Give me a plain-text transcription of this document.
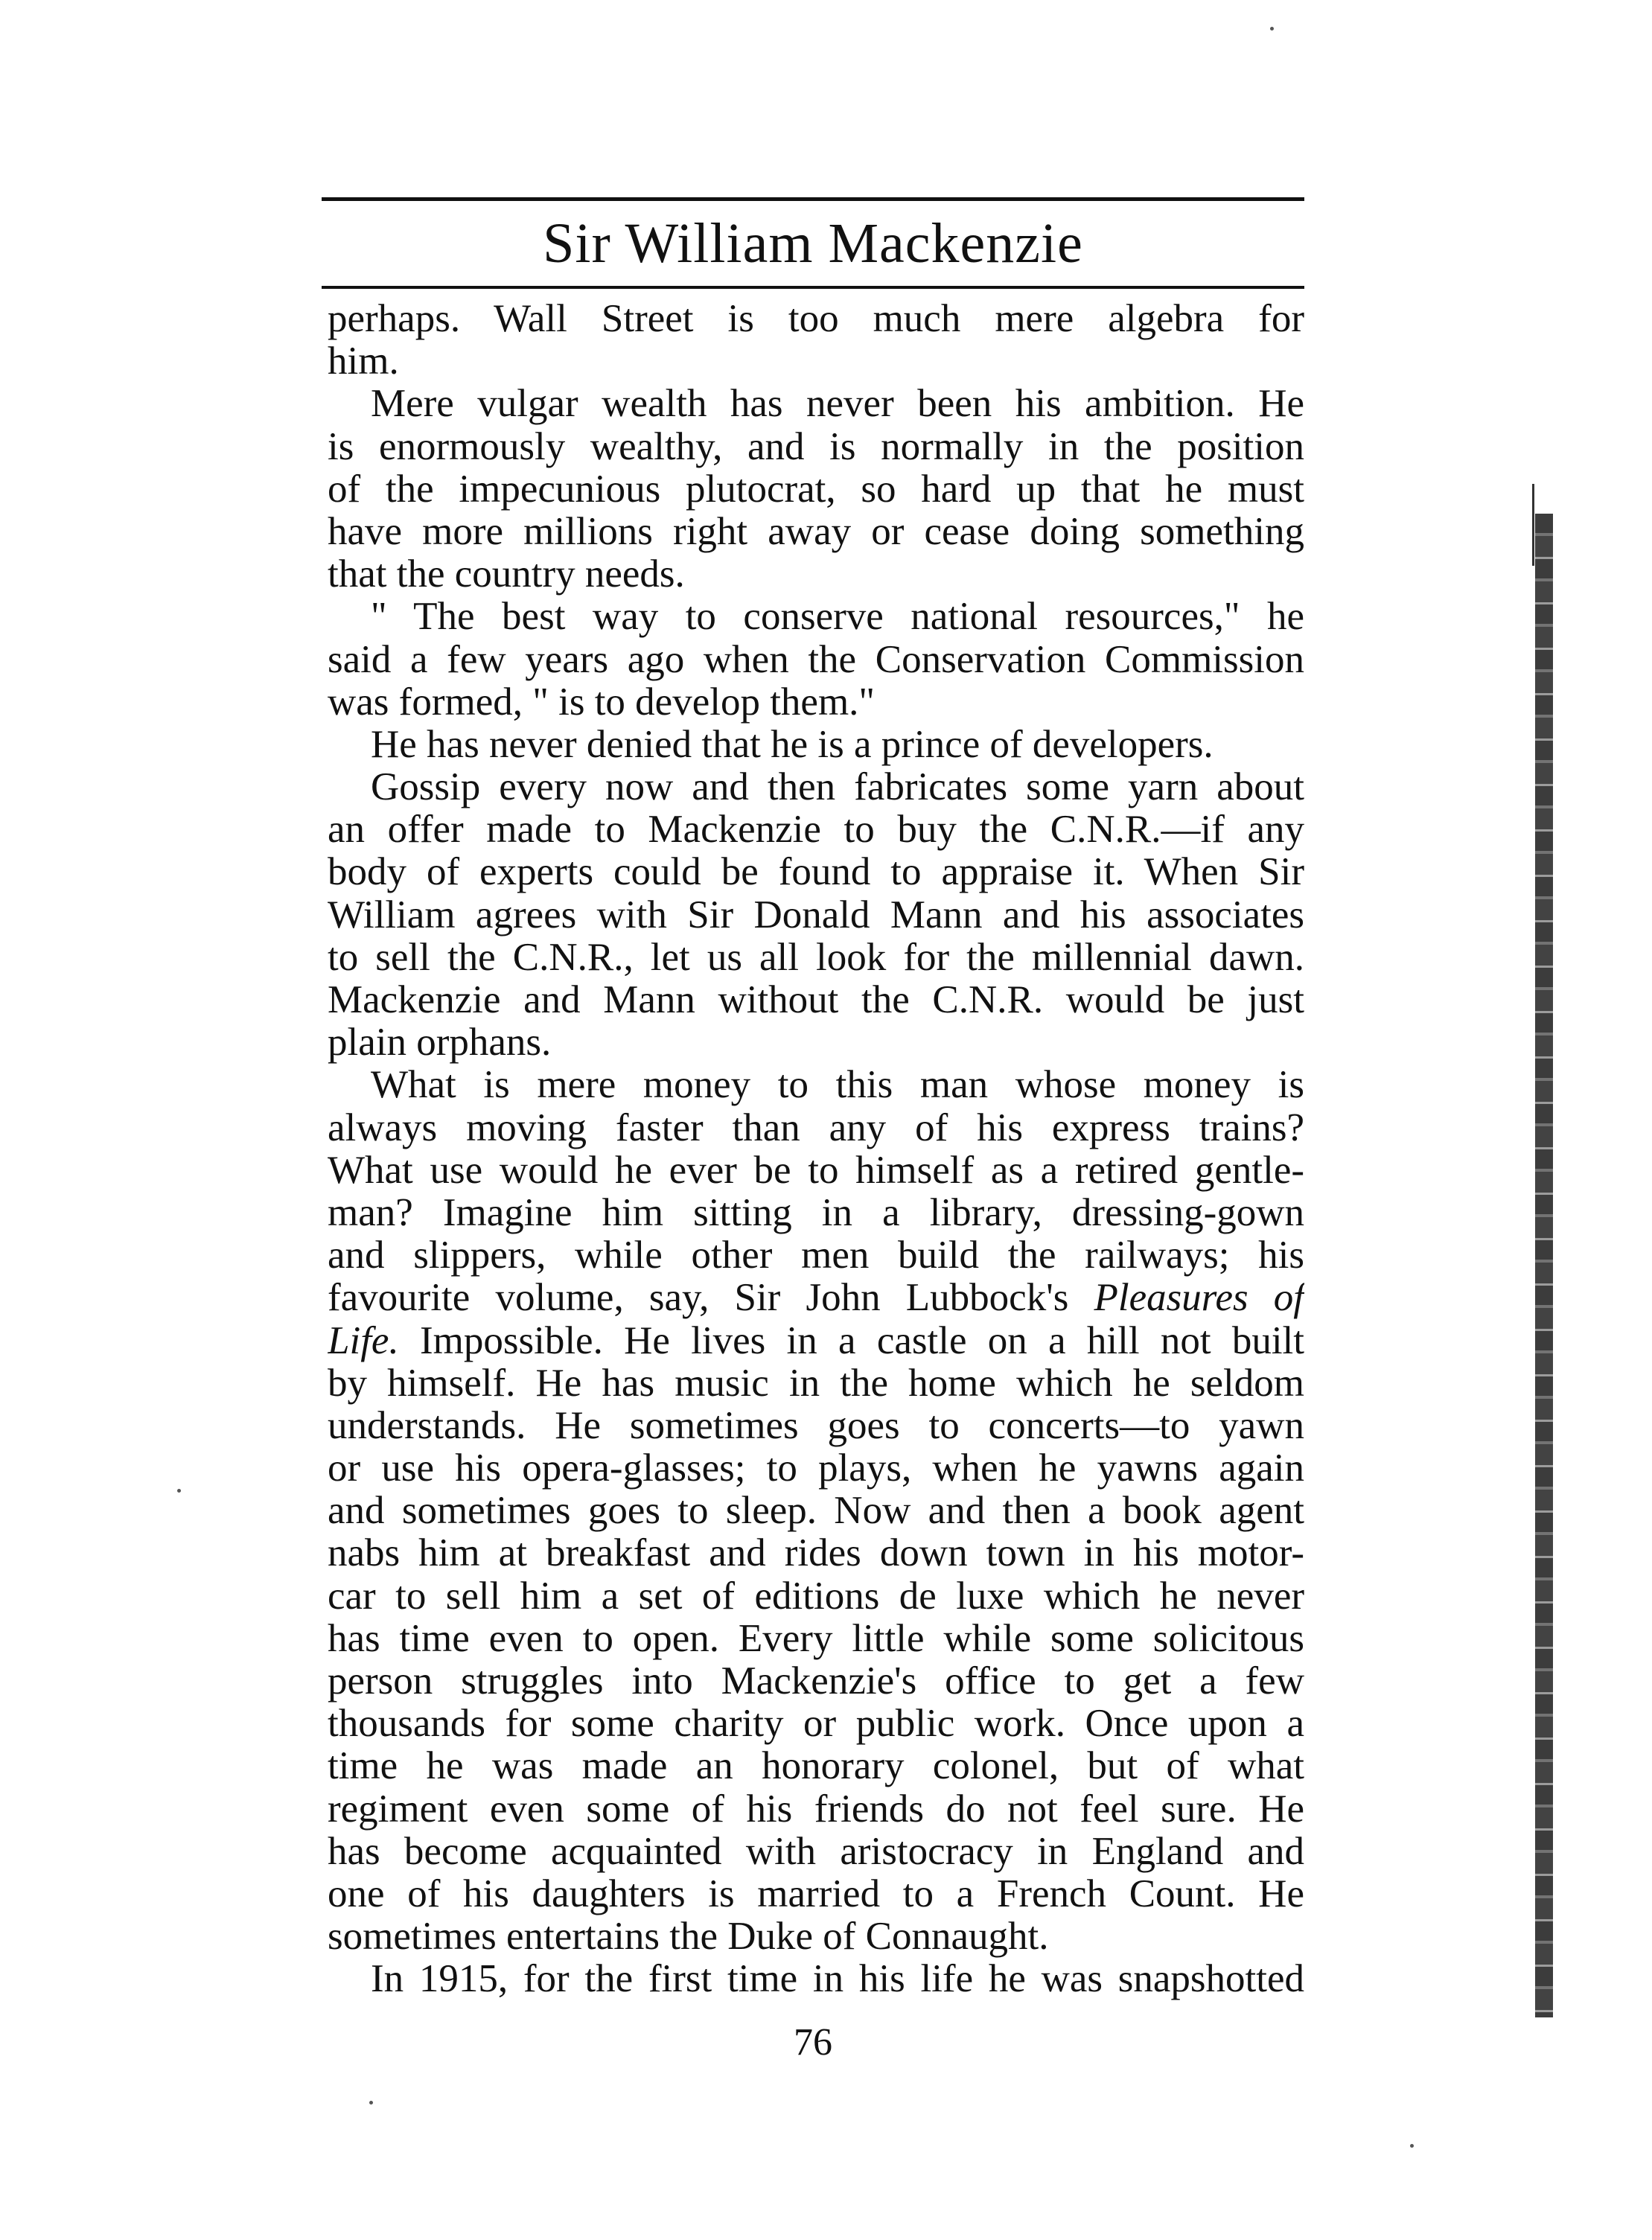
Sir William Mackenzie
perhaps. Wall Street is too much mere algebra for
him.
Mere vulgar wealth has never been his ambition. He
is enormously wealthy, and is normally in the position
of the impecunious plutocrat, so hard up that he must
have more millions right away or cease doing something
that the country needs.
" The best way to conserve national resources," he
said a few years ago when the Conservation Commission
was formed, " is to develop them."
He has never denied that he is a prince of developers.
Gossip every now and then fabricates some yarn about
an offer made to Mackenzie to buy the C.N.R.—if any
body of experts could be found to appraise it. When Sir
William agrees with Sir Donald Mann and his associates
to sell the C.N.R., let us all look for the millennial dawn.
Mackenzie and Mann without the C.N.R. would be just
plain orphans.
What is mere money to this man whose money is
always moving faster than any of his express trains?
What use would he ever be to himself as a retired gentle-
man? Imagine him sitting in a library, dressing-gown
and slippers, while other men build the railways; his
favourite volume, say, Sir John Lubbock's Pleasures of
Life. Impossible. He lives in a castle on a hill not built
by himself. He has music in the home which he seldom
understands. He sometimes goes to concerts—to yawn
or use his opera-glasses; to plays, when he yawns again
and sometimes goes to sleep. Now and then a book agent
nabs him at breakfast and rides down town in his motor-
car to sell him a set of editions de luxe which he never
has time even to open. Every little while some solicitous
person struggles into Mackenzie's office to get a few
thousands for some charity or public work. Once upon a
time he was made an honorary colonel, but of what
regiment even some of his friends do not feel sure. He
has become acquainted with aristocracy in England and
one of his daughters is married to a French Count. He
sometimes entertains the Duke of Connaught.
In 1915, for the first time in his life he was snapshotted
76
